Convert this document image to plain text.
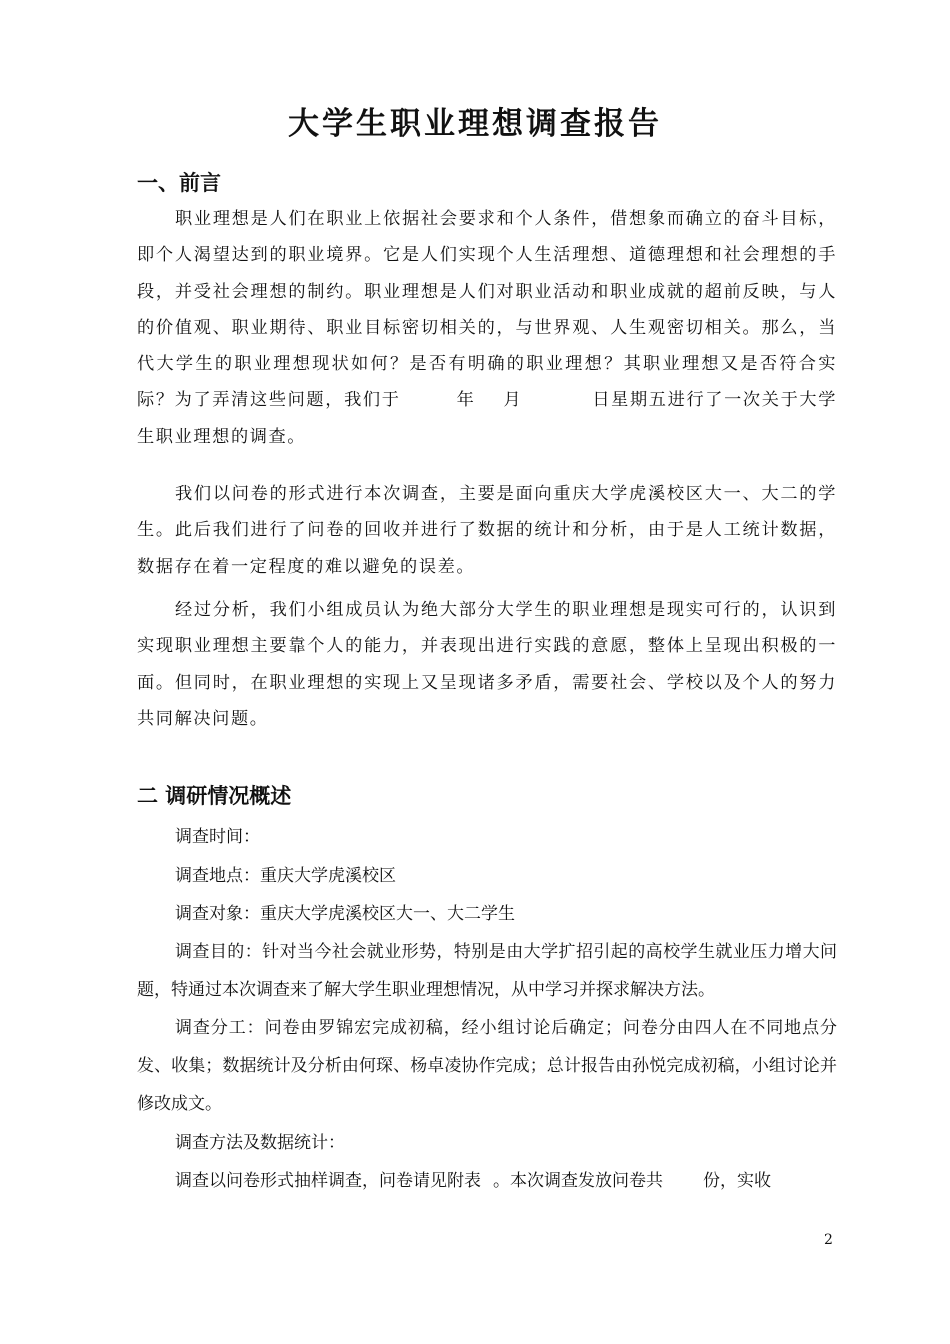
大学生职业理想调查报告
一、前言
职业理想是人们在职业上依据社会要求和个人条件，借想象而确立的奋斗目标，即个人渴望达到的职业境界。它是人们实现个人生活理想、道德理想和社会理想的手段，并受社会理想的制约。职业理想是人们对职业活动和职业成就的超前反映，与人的价值观、职业期待、职业目标密切相关的，与世界观、人生观密切相关。那么，当代大学生的职业理想现状如何？是否有明确的职业理想？其职业理想又是否符合实际？为了弄清这些问题，我们于	年 月	日星期五进行了一次关于大学生职业理想的调查。
我们以问卷的形式进行本次调查，主要是面向重庆大学虎溪校区大一、大二的学生。此后我们进行了问卷的回收并进行了数据的统计和分析，由于是人工统计数据，数据存在着一定程度的难以避免的误差。
经过分析，我们小组成员认为绝大部分大学生的职业理想是现实可行的，认识到实现职业理想主要靠个人的能力，并表现出进行实践的意愿，整体上呈现出积极的一面。但同时，在职业理想的实现上又呈现诸多矛盾，需要社会、学校以及个人的努力共同解决问题。
二 调研情况概述
调查时间：
调查地点：重庆大学虎溪校区
调查对象：重庆大学虎溪校区大一、大二学生
调查目的：针对当今社会就业形势，特别是由大学扩招引起的高校学生就业压力增大问题，特通过本次调查来了解大学生职业理想情况，从中学习并探求解决方法。
调查分工：问卷由罗锦宏完成初稿，经小组讨论后确定；问卷分由四人在不同地点分发、收集；数据统计及分析由何琛、杨卓凌协作完成；总计报告由孙悦完成初稿，小组讨论并修改成文。
调查方法及数据统计：
调查以问卷形式抽样调查，问卷请见附表 。本次调查发放问卷共 份，实收
2
